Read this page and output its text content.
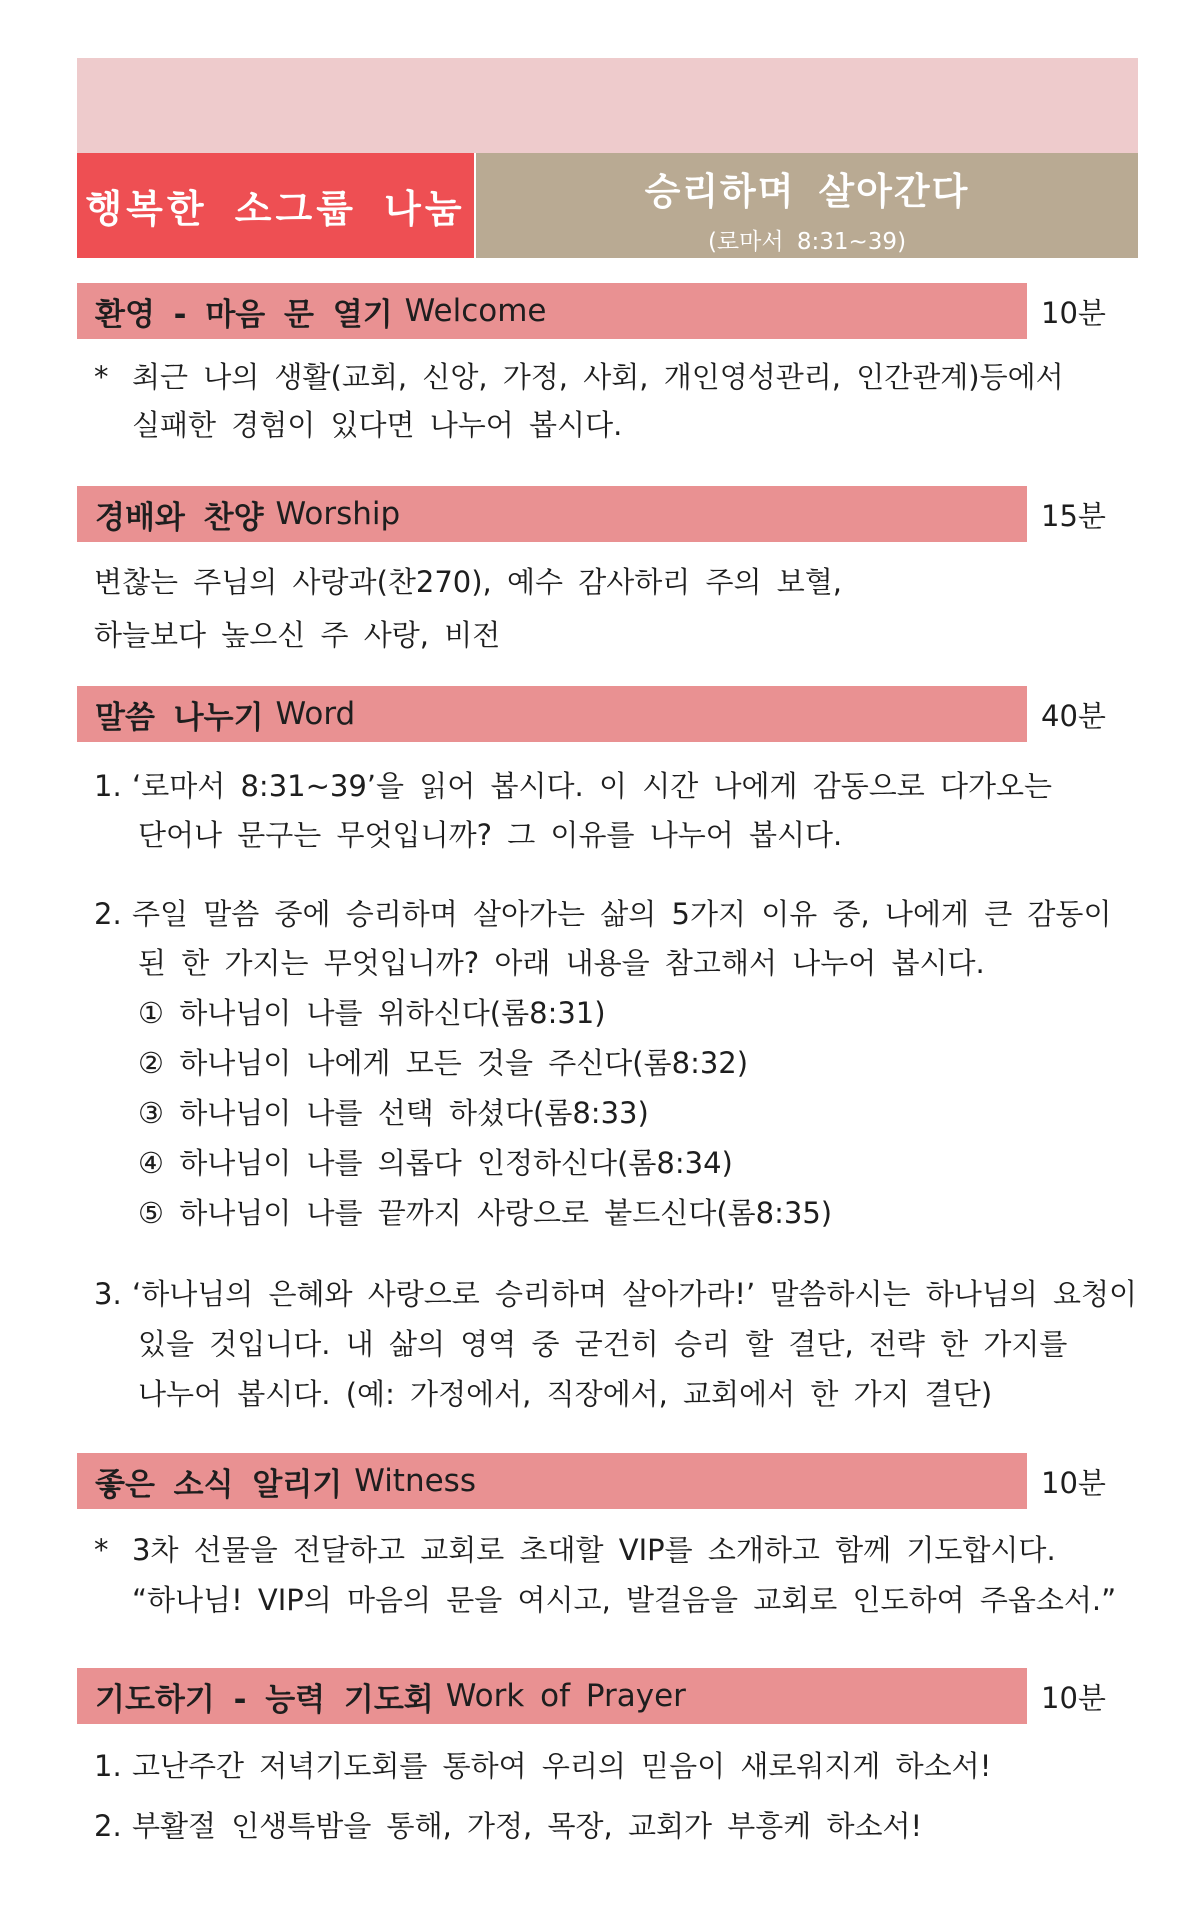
행복한 소그룹 나눔	승리하며 살아간다
(로마서 8:31~39)
환영 - 마음 문 열기 Welcome	10분
* 최근 나의 생활(교회, 신앙, 가정, 사회, 개인영성관리, 인간관계)등에서
실패한 경험이 있다면 나누어 봅시다.
경배와 찬양 Worship	15분
변찮는 주님의 사랑과(찬270), 예수 감사하리 주의 보혈,
하늘보다 높으신 주 사랑, 비전
말씀 나누기 Word	40분
1. ‘로마서 8:31~39’을 읽어 봅시다. 이 시간 나에게 감동으로 다가오는
단어나 문구는 무엇입니까? 그 이유를 나누어 봅시다.
2. 주일 말씀 중에 승리하며 살아가는 삶의 5가지 이유 중, 나에게 큰 감동이
된 한 가지는 무엇입니까? 아래 내용을 참고해서 나누어 봅시다.
① 하나님이 나를 위하신다(롬8:31)
② 하나님이 나에게 모든 것을 주신다(롬8:32)
③ 하나님이 나를 선택 하셨다(롬8:33)
④ 하나님이 나를 의롭다 인정하신다(롬8:34)
⑤ 하나님이 나를 끝까지 사랑으로 붙드신다(롬8:35)
3. ‘하나님의 은혜와 사랑으로 승리하며 살아가라!’ 말씀하시는 하나님의 요청이
있을 것입니다. 내 삶의 영역 중 굳건히 승리 할 결단, 전략 한 가지를
나누어 봅시다. (예: 가정에서, 직장에서, 교회에서 한 가지 결단)
좋은 소식 알리기 Witness	10분
* 3차 선물을 전달하고 교회로 초대할 VIP를 소개하고 함께 기도합시다.
“하나님! VIP의 마음의 문을 여시고, 발걸음을 교회로 인도하여 주옵소서.”
기도하기 - 능력 기도회 Work of Prayer	10분
1. 고난주간 저녁기도회를 통하여 우리의 믿음이 새로워지게 하소서!
2. 부활절 인생특밤을 통해, 가정, 목장, 교회가 부흥케 하소서!
